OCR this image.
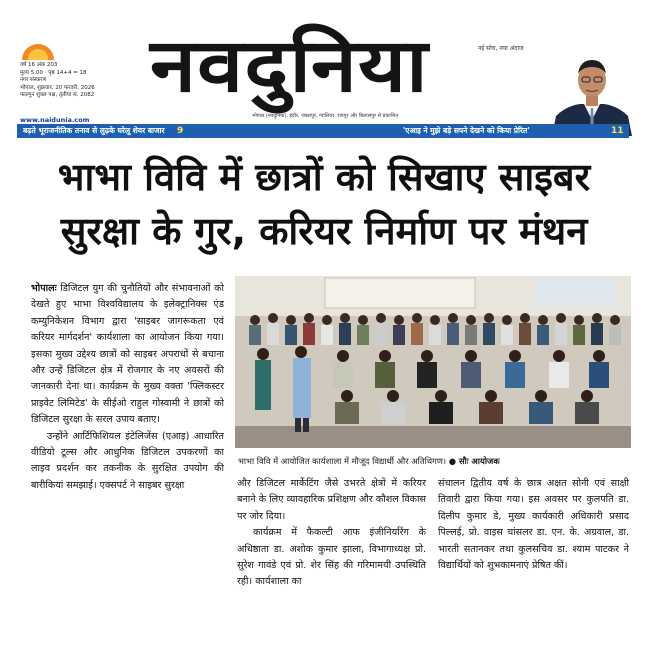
वर्ष 16 अंक 203
मूल्य 5.00 · पृष्ठ 14+4 = 18
नगर संस्करण
भोपाल, शुक्रवार, 20 फरवरी, 2026
फाल्गुन शुक्ल पक्ष, तृतीया सं. 2082 नवदुनिया	नई सोच, नया अंदाज
www.naidunia.com	भोपाल (नवदुनिया), इंदौर, जबलपुर, ग्वालियर, रायपुर और बिलासपुर से प्रकाशित
बढ़ते भूराजनीतिक तनाव से लुढ़के घरेलू शेयर बाजार 9	'एआइ ने मुझे बड़े सपने देखने को किया प्रेरित'	11
भाभा विवि में छात्रों को सिखाए साइबर
सुरक्षा के गुर, करियर निर्माण पर मंथन

भोपालः डिजिटल युग की चुनौतियों और संभावनाओं को देखते हुए भाभा विश्वविद्यालय के इलेक्ट्रानिक्स एंड कम्युनिकेशन विभाग द्वारा 'साइबर जागरूकता एवं करियर मार्गदर्शन' कार्यशाला का आयोजन किया गया। इसका मुख्य उद्देश्य छात्रों को साइबर अपराधों से बचाना और उन्हें डिजिटल क्षेत्र में रोजगार के नए अवसरों की जानकारी देना था। कार्यक्रम के मुख्य वक्ता 'फ्लिकस्टर प्राइवेट लिमिटेड' के सीईओ राहुल गोस्वामी ने छात्रों को डिजिटल सुरक्षा के सरल उपाय बताए।

उन्होंने आर्टिफिशियल इंटेलिजेंस (एआइ) आधारित वीडियो टूल्स और आधुनिक डिजिटल उपकरणों का लाइव प्रदर्शन कर तकनीक के सुरक्षित उपयोग की बारीकियां समझाई। एक्सपर्ट ने साइबर सुरक्षा

भाभा विवि में आयोजित कार्यशाला में मौजूद विद्यार्थी और अतिथिगण। ● सौः आयोजक

और डिजिटल मार्केटिंग जैसे उभरते क्षेत्रों में करियर बनाने के लिए व्यावहारिक प्रशिक्षण और कौशल विकास पर जोर दिया।

कार्यक्रम में फैकल्टी आफ इंजीनियरिंग के अधिष्ठाता डा. अशोक कुमार झाला, विभागाध्यक्ष प्रो. सुरेश गावंडे एवं प्रो. शेर सिंह की गरिमामयी उपस्थिति रही। कार्यशाला का

संचालन द्वितीय वर्ष के छात्र अक्षत सोनी एवं साक्षी तिवारी द्वारा किया गया। इस अवसर पर कुलपति डा. दिलीप कुमार डे, मुख्य कार्यकारी अधिकारी प्रसाद पिल्लई, प्रो. वाइस चांसलर डा. एन. के. अग्रवाल, डा. भारती सतानकर तथा कुलसचिव डा. श्याम पाटकर ने विद्यार्थियों को शुभकामनाएं प्रेषित कीं।
